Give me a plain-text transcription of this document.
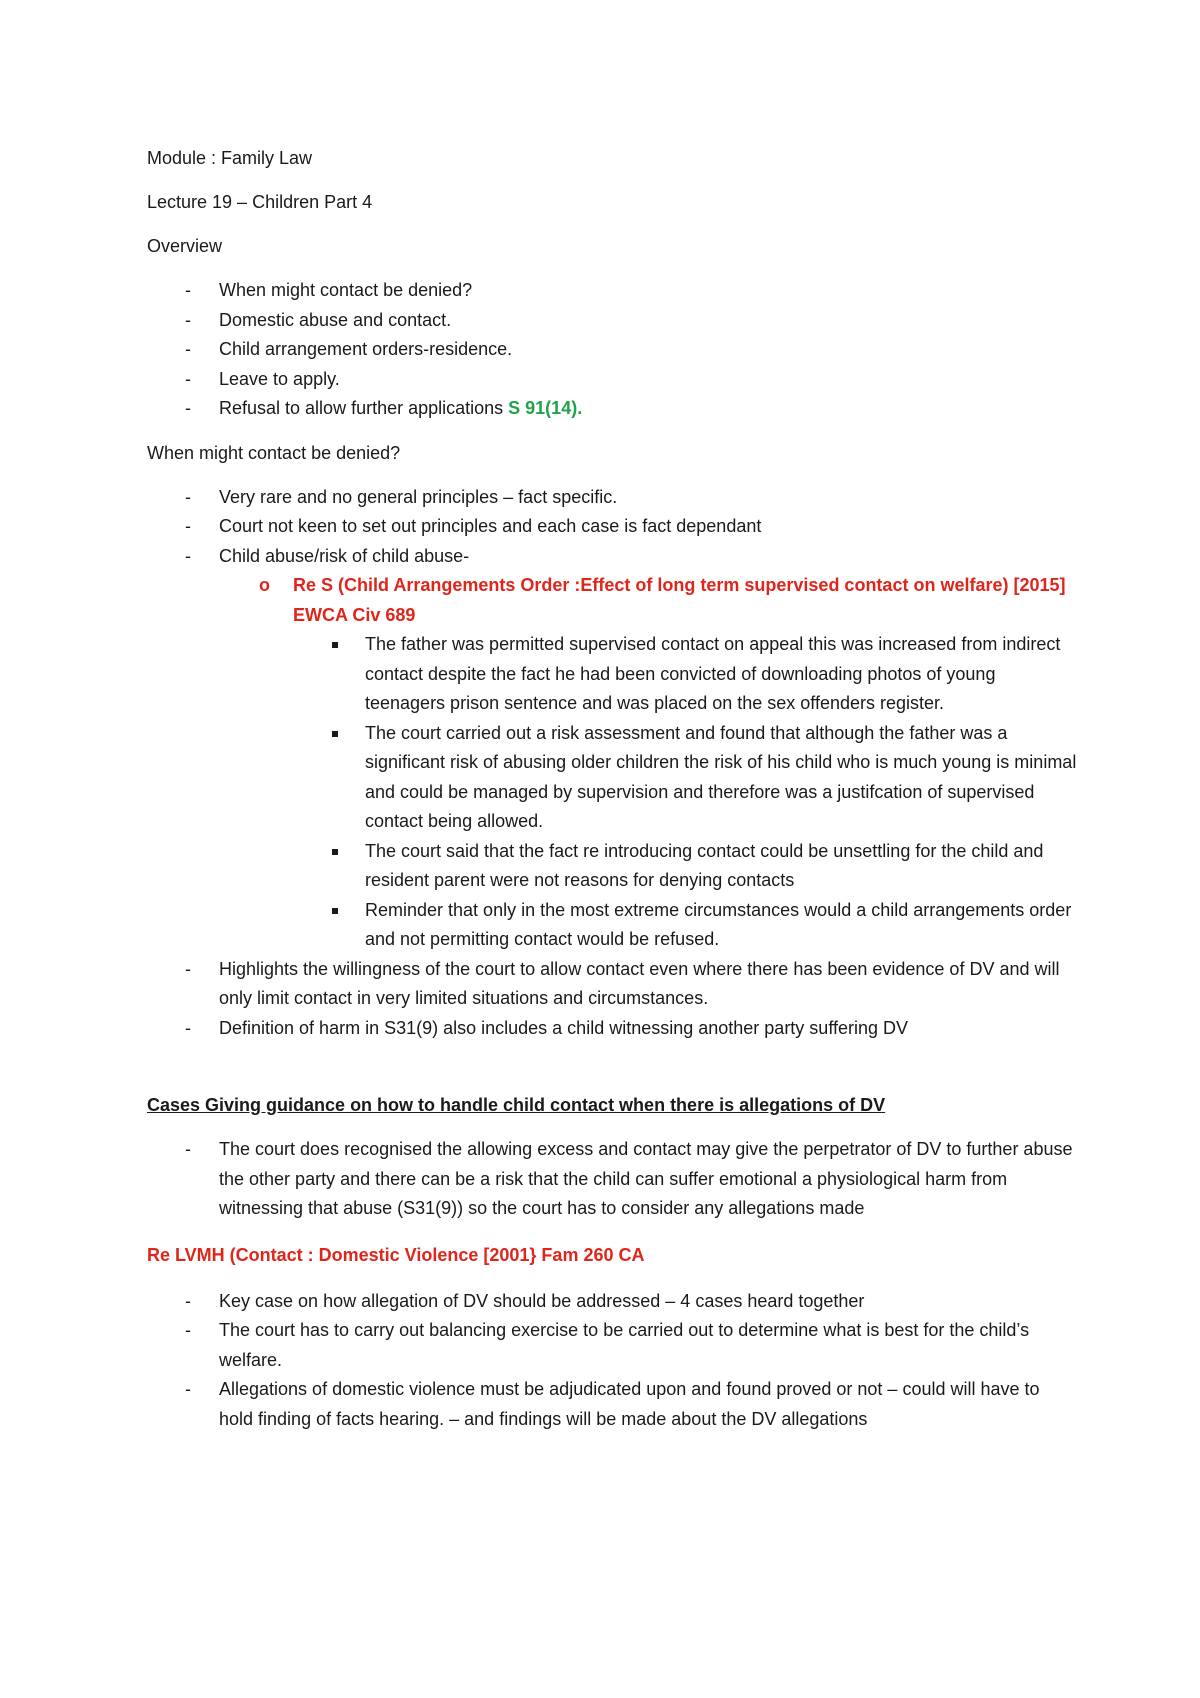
Module : Family Law

Lecture 19 – Children Part 4

Overview

- When might contact be denied?
- Domestic abuse and contact.
- Child arrangement orders-residence.
- Leave to apply.
- Refusal to allow further applications S 91(14).

When might contact be denied?

- Very rare and no general principles – fact specific.
- Court not keen to set out principles and each case is fact dependant
- Child abuse/risk of child abuse-
o Re S (Child Arrangements Order :Effect of long term supervised contact on welfare) [2015] EWCA Civ 689
The father was permitted supervised contact on appeal this was increased from indirect contact despite the fact he had been convicted of downloading photos of young teenagers prison sentence and was placed on the sex offenders register.
The court carried out a risk assessment and found that although the father was a significant risk of abusing older children the risk of his child who is much young is minimal and could be managed by supervision and therefore was a justifcation of supervised contact being allowed.
The court said that the fact re introducing contact could be unsettling for the child and resident parent were not reasons for denying contacts
Reminder that only in the most extreme circumstances would a child arrangements order and not permitting contact would be refused.
- Highlights the willingness of the court to allow contact even where there has been evidence of DV and will only limit contact in very limited situations and circumstances.
- Definition of harm in S31(9) also includes a child witnessing another party suffering DV

Cases Giving guidance on how to handle child contact when there is allegations of DV

- The court does recognised the allowing excess and contact may give the perpetrator of DV to further abuse the other party and there can be a risk that the child can suffer emotional a physiological harm from witnessing that abuse (S31(9)) so the court has to consider any allegations made

Re LVMH (Contact : Domestic Violence [2001} Fam 260 CA

- Key case on how allegation of DV should be addressed – 4 cases heard together
- The court has to carry out balancing exercise to be carried out to determine what is best for the child’s welfare.
- Allegations of domestic violence must be adjudicated upon and found proved or not – could will have to hold finding of facts hearing. – and findings will be made about the DV allegations
